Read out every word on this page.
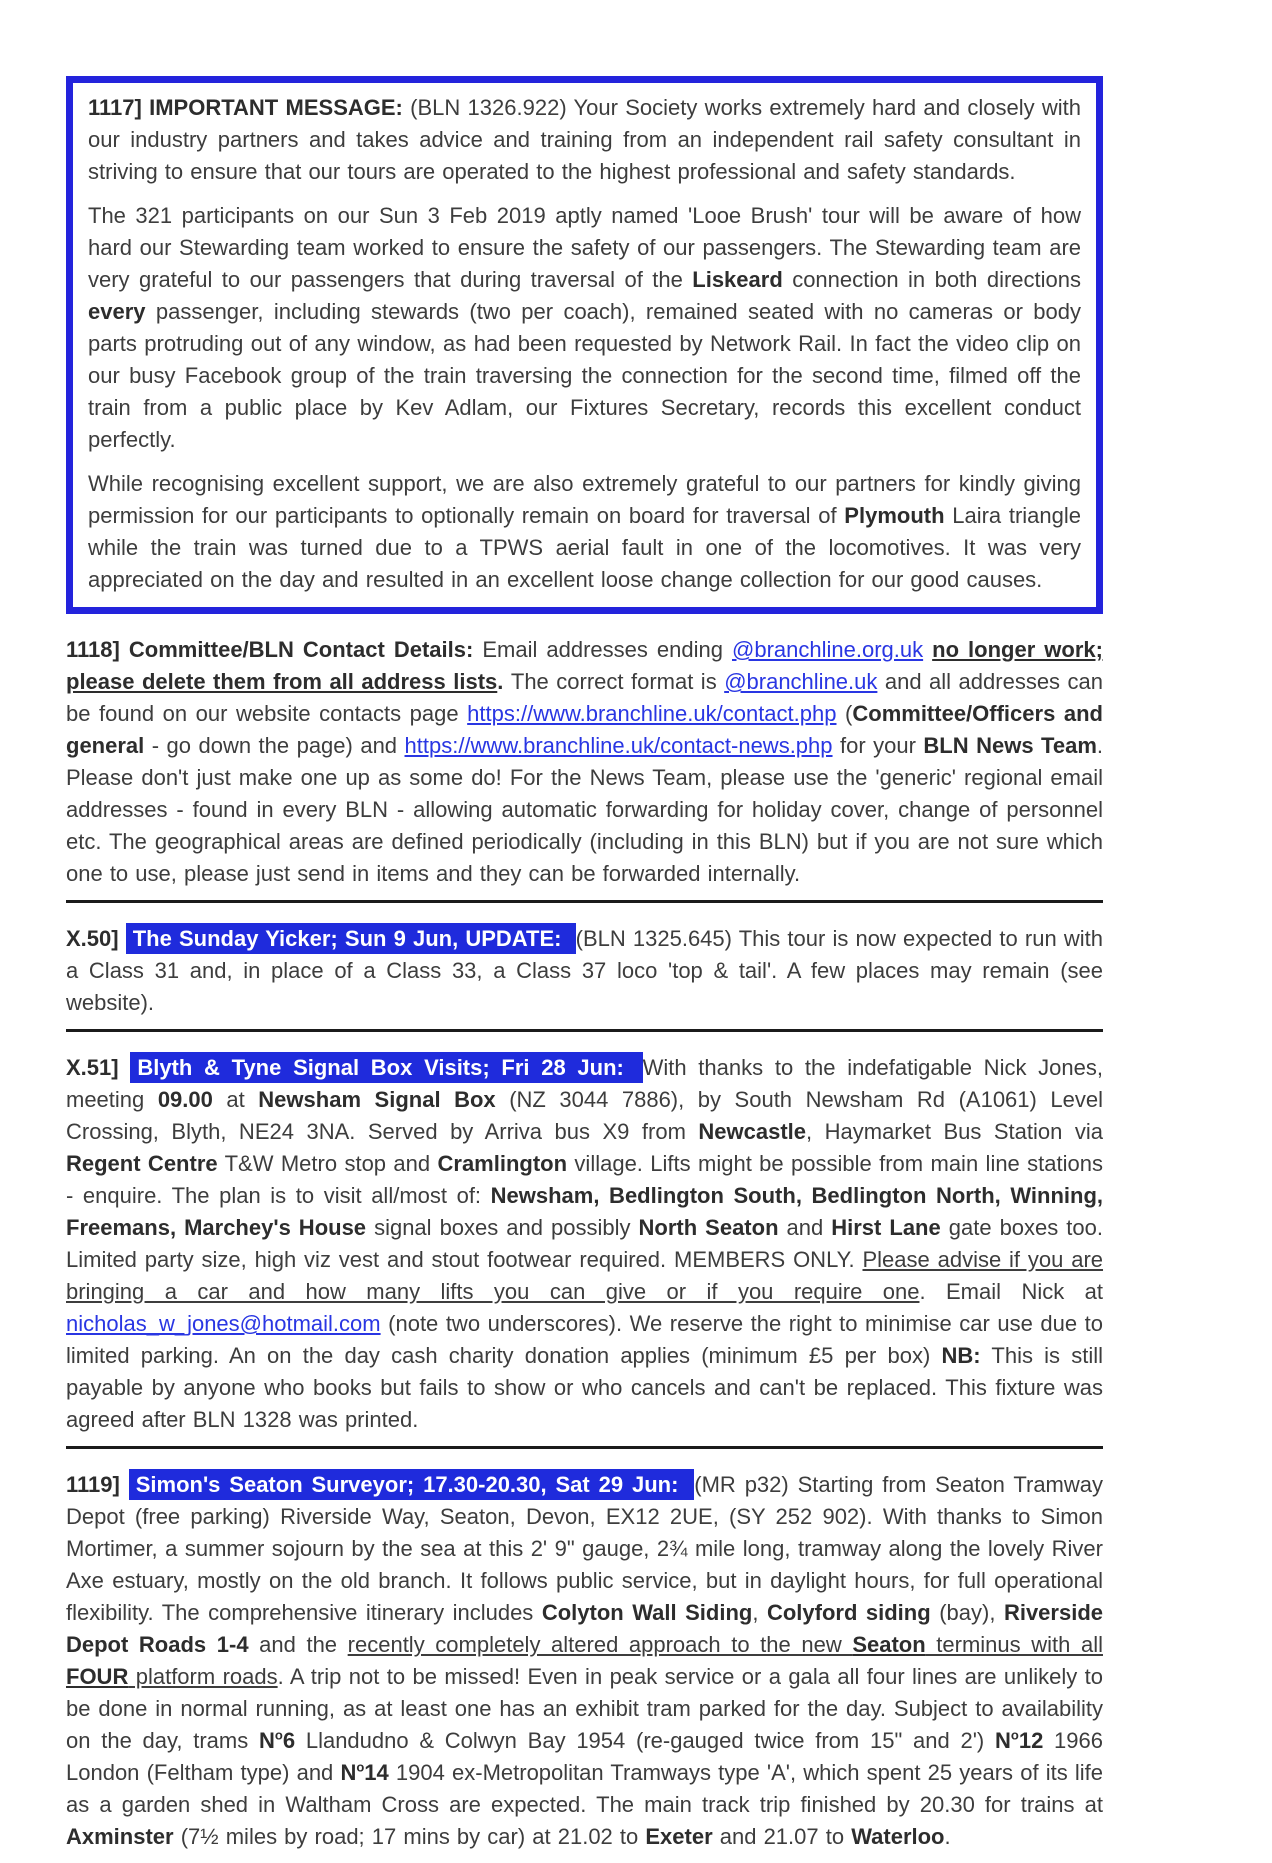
1117] IMPORTANT MESSAGE: (BLN 1326.922) Your Society works extremely hard and closely with our industry partners and takes advice and training from an independent rail safety consultant in striving to ensure that our tours are operated to the highest professional and safety standards.

The 321 participants on our Sun 3 Feb 2019 aptly named 'Looe Brush' tour will be aware of how hard our Stewarding team worked to ensure the safety of our passengers. The Stewarding team are very grateful to our passengers that during traversal of the Liskeard connection in both directions every passenger, including stewards (two per coach), remained seated with no cameras or body parts protruding out of any window, as had been requested by Network Rail. In fact the video clip on our busy Facebook group of the train traversing the connection for the second time, filmed off the train from a public place by Kev Adlam, our Fixtures Secretary, records this excellent conduct perfectly.

While recognising excellent support, we are also extremely grateful to our partners for kindly giving permission for our participants to optionally remain on board for traversal of Plymouth Laira triangle while the train was turned due to a TPWS aerial fault in one of the locomotives. It was very appreciated on the day and resulted in an excellent loose change collection for our good causes.

1118] Committee/BLN Contact Details: Email addresses ending @branchline.org.uk no longer work; please delete them from all address lists. The correct format is @branchline.uk and all addresses can be found on our website contacts page https://www.branchline.uk/contact.php (Committee/Officers and general - go down the page) and https://www.branchline.uk/contact-news.php for your BLN News Team. Please don't just make one up as some do! For the News Team, please use the 'generic' regional email addresses - found in every BLN - allowing automatic forwarding for holiday cover, change of personnel etc. The geographical areas are defined periodically (including in this BLN) but if you are not sure which one to use, please just send in items and they can be forwarded internally.

X.50] The Sunday Yicker; Sun 9 Jun, UPDATE: (BLN 1325.645) This tour is now expected to run with a Class 31 and, in place of a Class 33, a Class 37 loco 'top & tail'. A few places may remain (see website).

X.51] Blyth & Tyne Signal Box Visits; Fri 28 Jun: With thanks to the indefatigable Nick Jones, meeting 09.00 at Newsham Signal Box (NZ 3044 7886), by South Newsham Rd (A1061) Level Crossing, Blyth, NE24 3NA. Served by Arriva bus X9 from Newcastle, Haymarket Bus Station via Regent Centre T&W Metro stop and Cramlington village. Lifts might be possible from main line stations - enquire. The plan is to visit all/most of: Newsham, Bedlington South, Bedlington North, Winning, Freemans, Marchey's House signal boxes and possibly North Seaton and Hirst Lane gate boxes too. Limited party size, high viz vest and stout footwear required. MEMBERS ONLY. Please advise if you are bringing a car and how many lifts you can give or if you require one. Email Nick at nicholas_w_jones@hotmail.com (note two underscores). We reserve the right to minimise car use due to limited parking. An on the day cash charity donation applies (minimum £5 per box) NB: This is still payable by anyone who books but fails to show or who cancels and can't be replaced. This fixture was agreed after BLN 1328 was printed.

1119] Simon's Seaton Surveyor; 17.30-20.30, Sat 29 Jun: (MR p32) Starting from Seaton Tramway Depot (free parking) Riverside Way, Seaton, Devon, EX12 2UE, (SY 252 902). With thanks to Simon Mortimer, a summer sojourn by the sea at this 2' 9" gauge, 2¾ mile long, tramway along the lovely River Axe estuary, mostly on the old branch. It follows public service, but in daylight hours, for full operational flexibility. The comprehensive itinerary includes Colyton Wall Siding, Colyford siding (bay), Riverside Depot Roads 1-4 and the recently completely altered approach to the new Seaton terminus with all FOUR platform roads. A trip not to be missed! Even in peak service or a gala all four lines are unlikely to be done in normal running, as at least one has an exhibit tram parked for the day. Subject to availability on the day, trams $N^o6$ Llandudno & Colwyn Bay 1954 (re-gauged twice from 15" and 2') $N^o12$ 1966 London (Feltham type) and $N^o14$ 1904 ex-Metropolitan Tramways type 'A', which spent 25 years of its life as a garden shed in Waltham Cross are expected. The main track trip finished by 20.30 for trains at Axminster (7½ miles by road; 17 mins by car) at 21.02 to Exeter and 21.07 to Waterloo.
